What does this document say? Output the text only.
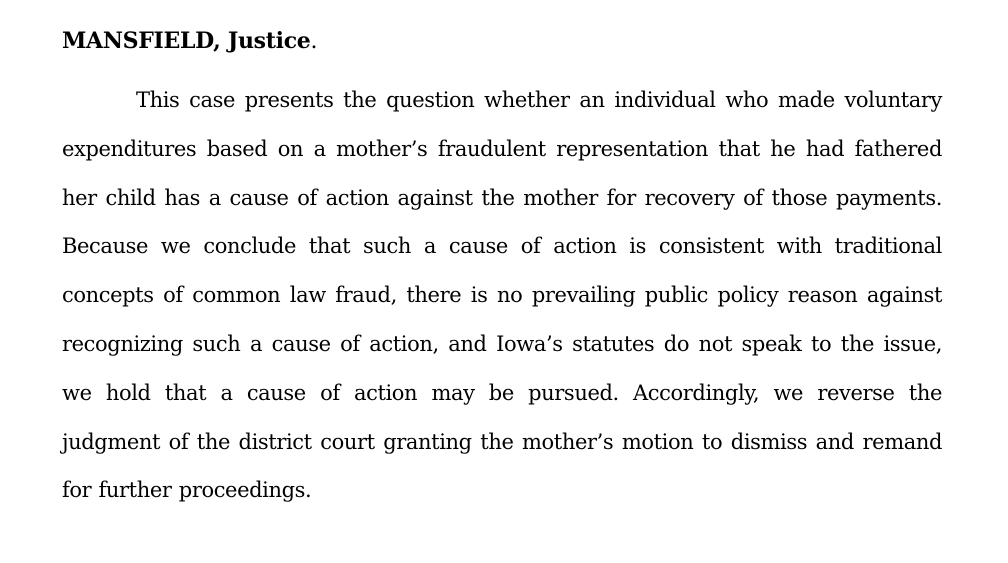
MANSFIELD, Justice.

This case presents the question whether an individual who made voluntary expenditures based on a mother’s fraudulent representation that he had fathered her child has a cause of action against the mother for recovery of those payments. Because we conclude that such a cause of action is consistent with traditional concepts of common law fraud, there is no prevailing public policy reason against recognizing such a cause of action, and Iowa’s statutes do not speak to the issue, we hold that a cause of action may be pursued. Accordingly, we reverse the judgment of the district court granting the mother’s motion to dismiss and remand for further proceedings.
